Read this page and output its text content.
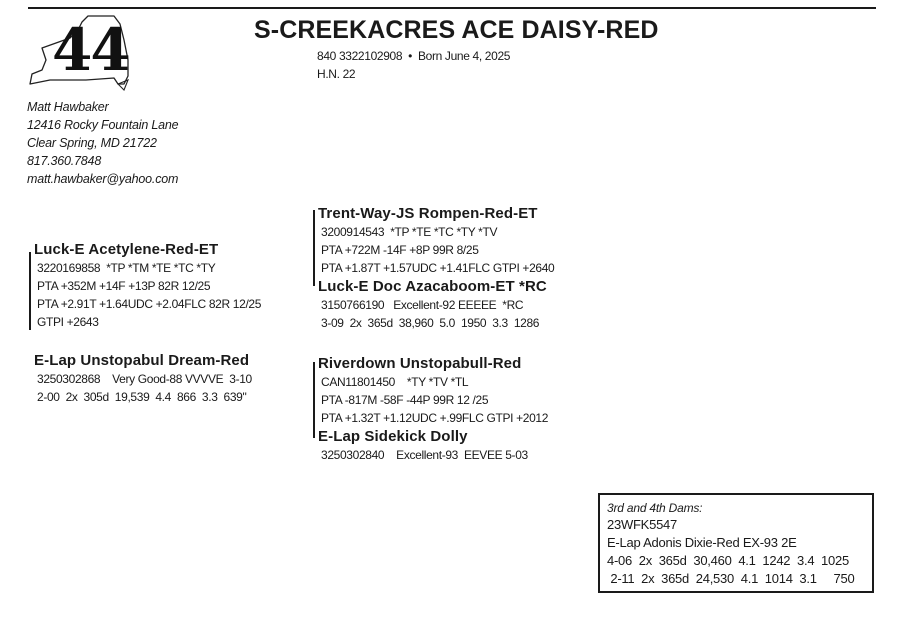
44	S-CREEKACRES ACE DAISY-RED
840 3322102908  •  Born June 4, 2025
H.N. 22
Matt Hawbaker
12416 Rocky Fountain Lane
Clear Spring, MD 21722
817.360.7848
matt.hawbaker@yahoo.com
Luck-E Acetylene-Red-ET
3220169858  *TP *TM *TE *TC *TY
PTA +352M +14F +13P 82R 12/25
PTA +2.91T +1.64UDC +2.04FLC 82R 12/25
GTPI +2643
Trent-Way-JS Rompen-Red-ET
3200914543  *TP *TE *TC *TY *TV
PTA +722M -14F +8P 99R 8/25
PTA +1.87T +1.57UDC +1.41FLC GTPI +2640
Luck-E Doc Azacaboom-ET *RC
3150766190   Excellent-92 EEEEE  *RC
3-09  2x  365d  38,960  5.0  1950  3.3  1286
E-Lap Unstopabul Dream-Red
3250302868    Very Good-88 VVVVE  3-10
2-00  2x  305d  19,539  4.4  866  3.3  639"
Riverdown Unstopabull-Red
CAN11801450    *TY *TV *TL
PTA -817M -58F -44P 99R 12 /25
PTA +1.32T +1.12UDC +.99FLC GTPI +2012
E-Lap Sidekick Dolly
3250302840    Excellent-93  EEVEE 5-03
3rd and 4th Dams:
23WFK5547
E-Lap Adonis Dixie-Red EX-93 2E
4-06  2x  365d  30,460  4.1  1242  3.4  1025
2-11  2x  365d  24,530  4.1  1014  3.1     750
